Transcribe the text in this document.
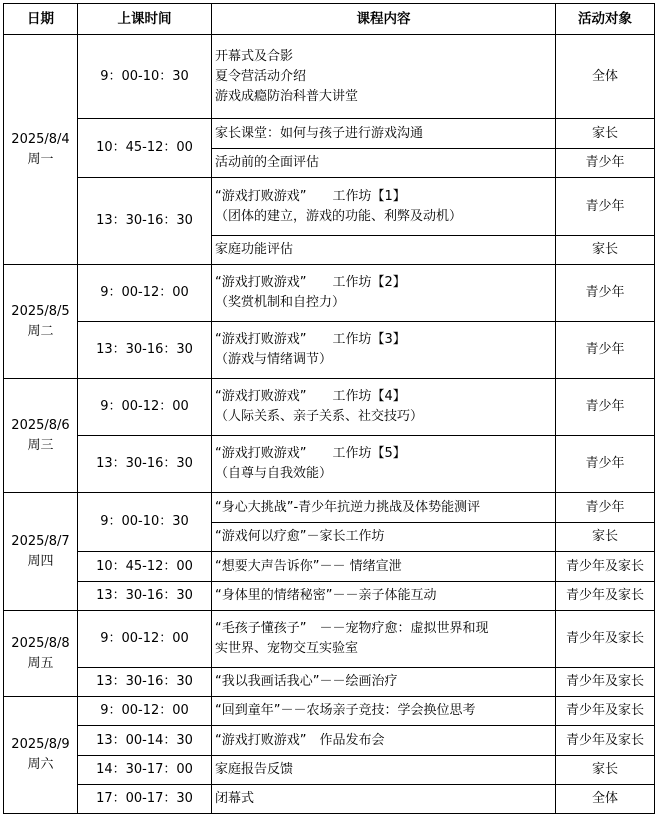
日期	上课时间	课程内容	活动对象

2025/8/4
周一	9：00-10：30	开幕式及合影
夏令营活动介绍
游戏成瘾防治科普大讲堂	全体
	10：45-12：00	家长课堂：如何与孩子进行游戏沟通	家长

		活动前的全面评估	青少年
	13：30-16：30	“游戏打败游戏”　　工作坊【1】
（团体的建立，游戏的功能、利弊及动机）	青少年

		家庭功能评估	家长

2025/8/5
周二	9：00-12：00	“游戏打败游戏”　　工作坊【2】
（奖赏机制和自控力）	青少年
	13：30-16：30	“游戏打败游戏”　　工作坊【3】
（游戏与情绪调节）	青少年

2025/8/6
周三	9：00-12：00	“游戏打败游戏”　　工作坊【4】
（人际关系、亲子关系、社交技巧）	青少年
	13：30-16：30	“游戏打败游戏”　　工作坊【5】
（自尊与自我效能）	青少年

2025/8/7
周四	9：00-10：30	“身心大挑战”-青少年抗逆力挑战及体势能测评	青少年

		“游戏何以疗愈”－家长工作坊	家长
	10：45-12：00	“想要大声告诉你”－－ 情绪宣泄	青少年及家长
	13：30-16：30	“身体里的情绪秘密”－－亲子体能互动	青少年及家长

2025/8/8
周五	9：00-12：00	“毛孩子懂孩子”　－－宠物疗愈：虚拟世界和现
实世界、宠物交互实验室	青少年及家长
	13：30-16：30	“我以我画话我心”－－绘画治疗	青少年及家长

2025/8/9
周六	9：00-12：00	“回到童年”－－农场亲子竞技：学会换位思考	青少年及家长
	13：00-14：30	“游戏打败游戏”　作品发布会	青少年及家长
	14：30-17：00	家庭报告反馈	家长
	17：00-17：30	闭幕式	全体
